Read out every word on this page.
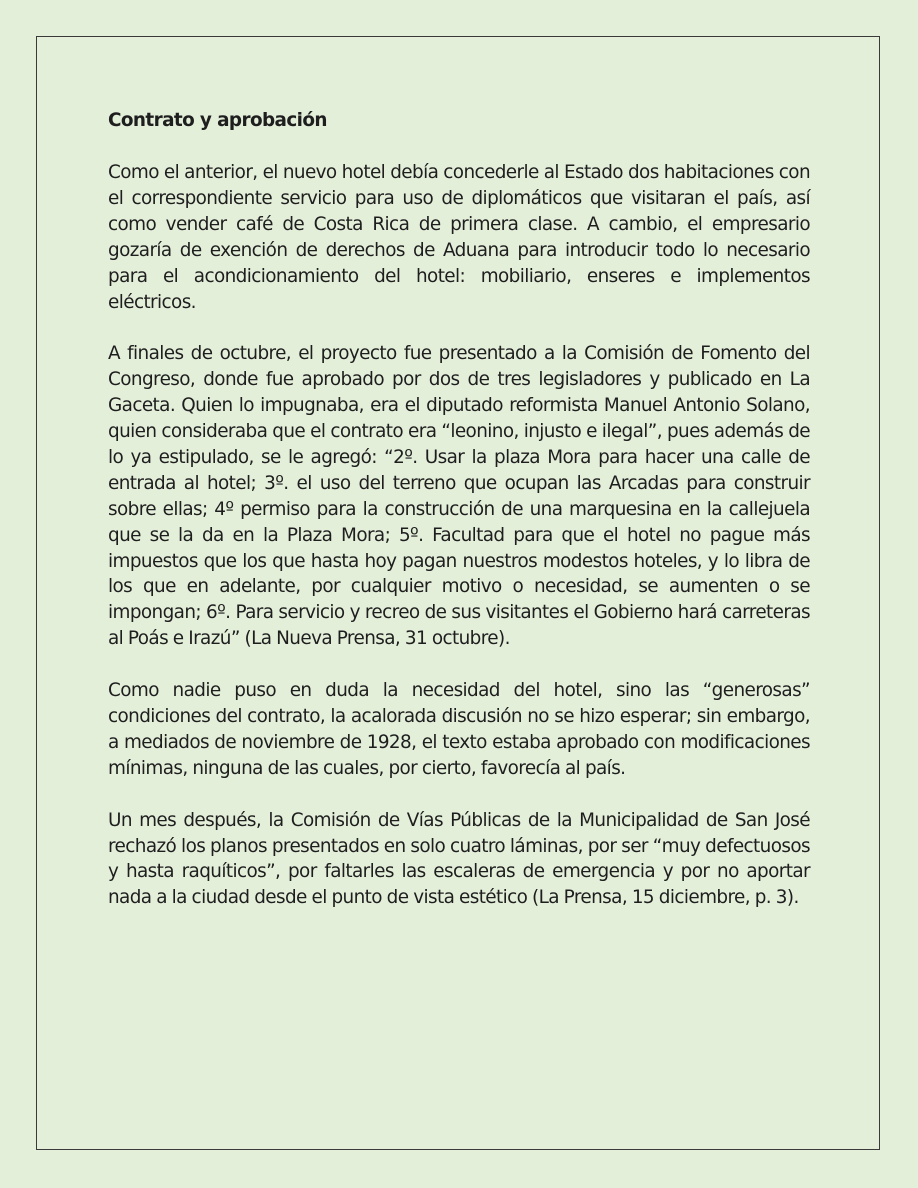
Contrato y aprobación

Como el anterior, el nuevo hotel debía concederle al Estado dos habitaciones con el correspondiente servicio para uso de diplomáticos que visitaran el país, así como vender café de Costa Rica de primera clase. A cambio, el empresario gozaría de exención de derechos de Aduana para introducir todo lo necesario para el acondicionamiento del hotel: mobiliario, enseres e implementos eléctricos.

A finales de octubre, el proyecto fue presentado a la Comisión de Fomento del Congreso, donde fue aprobado por dos de tres legisladores y publicado en La Gaceta. Quien lo impugnaba, era el diputado reformista Manuel Antonio Solano, quien consideraba que el contrato era “leonino, injusto e ilegal”, pues además de lo ya estipulado, se le agregó: “2º. Usar la plaza Mora para hacer una calle de entrada al hotel; 3º. el uso del terreno que ocupan las Arcadas para construir sobre ellas; 4º permiso para la construcción de una marquesina en la callejuela que se la da en la Plaza Mora; 5º. Facultad para que el hotel no pague más impuestos que los que hasta hoy pagan nuestros modestos hoteles, y lo libra de los que en adelante, por cualquier motivo o necesidad, se aumenten o se impongan; 6º. Para servicio y recreo de sus visitantes el Gobierno hará carreteras al Poás e Irazú” (La Nueva Prensa, 31 octubre).

Como nadie puso en duda la necesidad del hotel, sino las “generosas” condiciones del contrato, la acalorada discusión no se hizo esperar; sin embargo, a mediados de noviembre de 1928, el texto estaba aprobado con modificaciones mínimas, ninguna de las cuales, por cierto, favorecía al país.

Un mes después, la Comisión de Vías Públicas de la Municipalidad de San José rechazó los planos presentados en solo cuatro láminas, por ser “muy defectuosos y hasta raquíticos”, por faltarles las escaleras de emergencia y por no aportar nada a la ciudad desde el punto de vista estético (La Prensa, 15 diciembre, p. 3).
